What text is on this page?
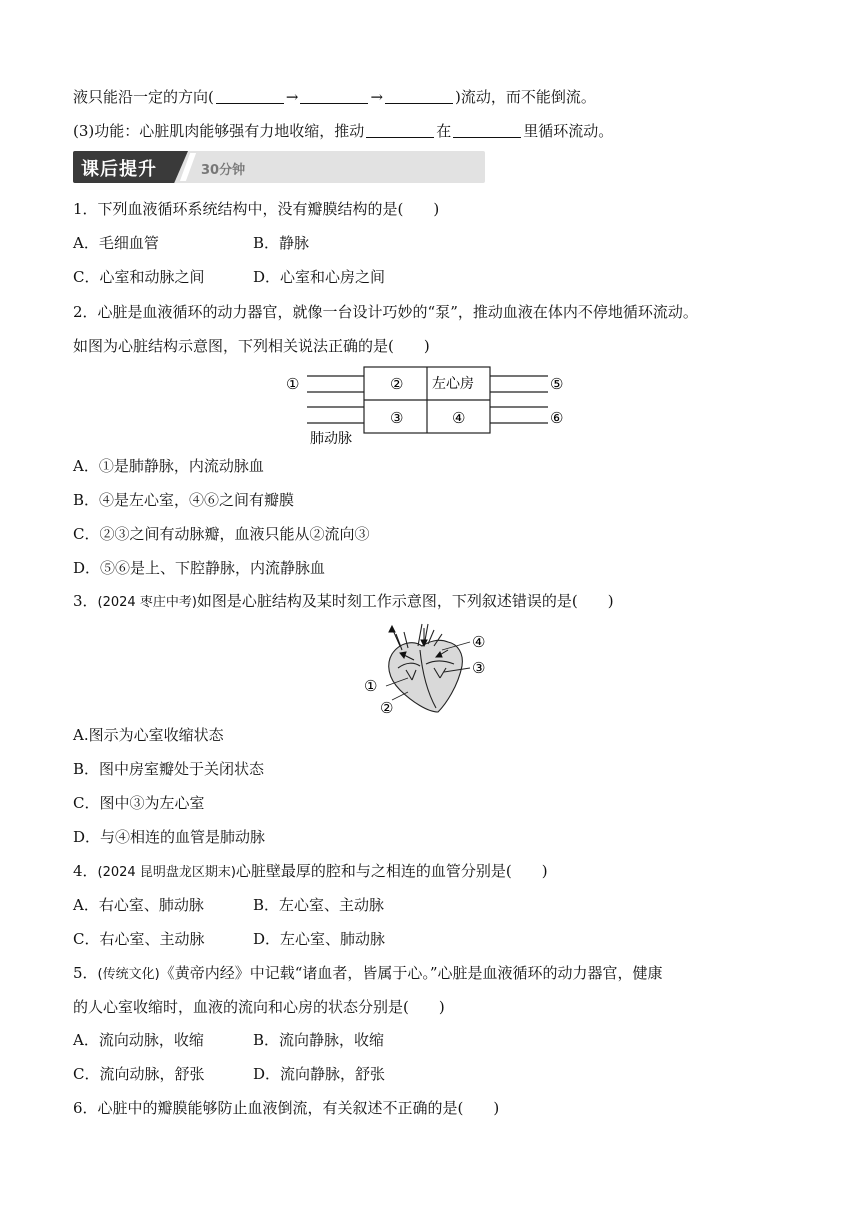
液只能沿一定的方向(	→	→	)流动，而不能倒流。
(3)功能：心脏肌肉能够强有力地收缩，推动	在	里循环流动。
课后提升	30分钟
1．下列血液循环系统结构中，没有瓣膜结构的是(　　)
A．毛细血管	B．静脉
C．心室和动脉之间	D．心室和心房之间
2．心脏是血液循环的动力器官，就像一台设计巧妙的“泵”，推动血液在体内不停地循环流动。
如图为心脏结构示意图，下列相关说法正确的是(　　)
①	② 左心房	⑤
③	④	⑥
肺动脉
A．①是肺静脉，内流动脉血
B．④是左心室，④⑥之间有瓣膜
C．②③之间有动脉瓣，血液只能从②流向③
D．⑤⑥是上、下腔静脉，内流静脉血
3．(2024 枣庄中考)如图是心脏结构及某时刻工作示意图，下列叙述错误的是(　　)
①
②
③
④
A.图示为心室收缩状态
B．图中房室瓣处于关闭状态
C．图中③为左心室
D．与④相连的血管是肺动脉
4．(2024 昆明盘龙区期末)心脏壁最厚的腔和与之相连的血管分别是(　　)
A．右心室、肺动脉	B．左心室、主动脉
C．右心室、主动脉	D．左心室、肺动脉
5．(传统文化)《黄帝内经》中记载“诸血者，皆属于心。”心脏是血液循环的动力器官，健康
的人心室收缩时，血液的流向和心房的状态分别是(　　)
A．流向动脉，收缩	B．流向静脉，收缩
C．流向动脉，舒张	D．流向静脉，舒张
6．心脏中的瓣膜能够防止血液倒流，有关叙述不正确的是(　　)
